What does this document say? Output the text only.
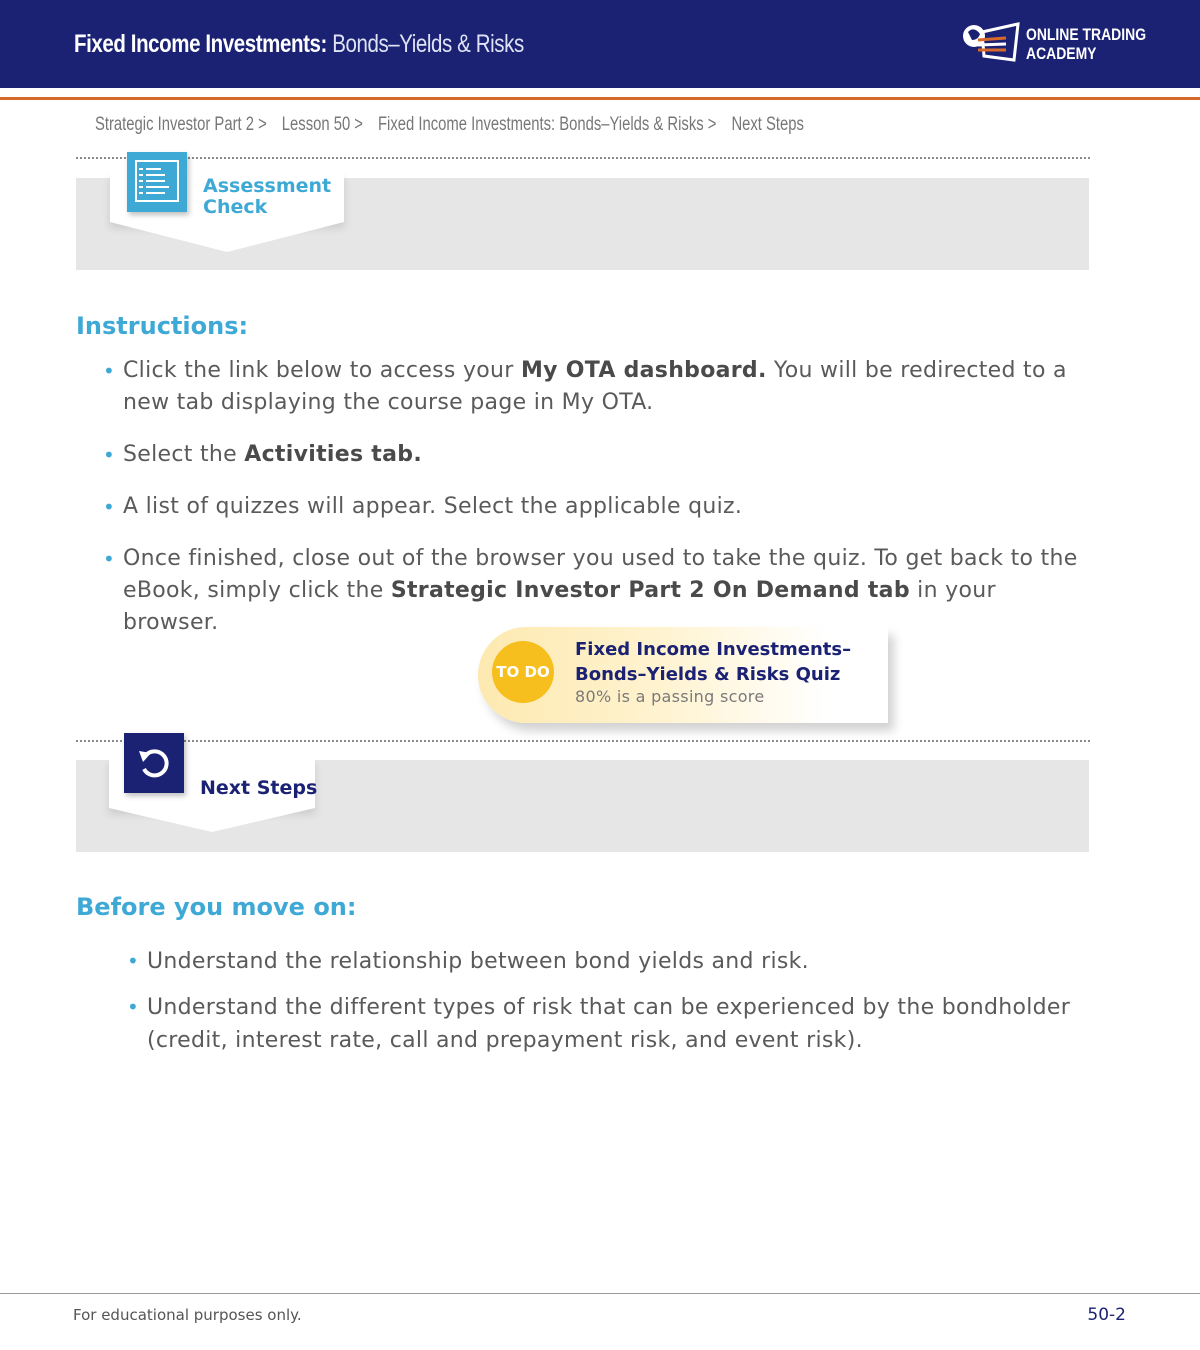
Fixed Income Investments: Bonds–Yields & Risks	ONLINE TRADING
ACADEMY
Strategic Investor Part 2 > Lesson 50 > Fixed Income Investments: Bonds–Yields & Risks > Next Steps
Assessment
Check
Instructions:
• Click the link below to access your My OTA dashboard. You will be redirected to a new tab displaying the course page in My OTA.
• Select the Activities tab.
• A list of quizzes will appear. Select the applicable quiz.
• Once finished, close out of the browser you used to take the quiz. To get back to the eBook, simply click the Strategic Investor Part 2 On Demand tab in your browser.
TO DO
Fixed Income Investments–Bonds–Yields & Risks Quiz
80% is a passing score
Next Steps
Before you move on:
• Understand the relationship between bond yields and risk.
• Understand the different types of risk that can be experienced by the bondholder (credit, interest rate, call and prepayment risk, and event risk).
For educational purposes only.	50-2
